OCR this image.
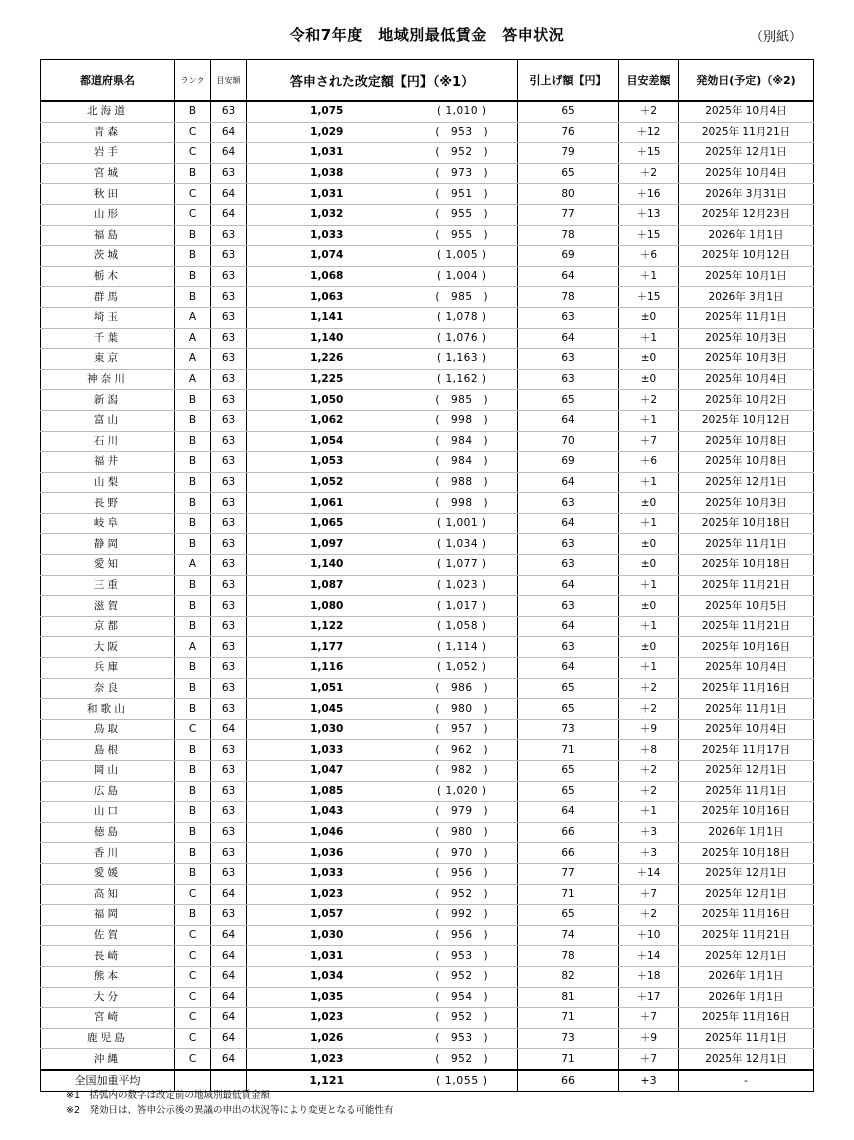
令和7年度　地域別最低賃金　答申状況	（別紙）
都道府県名	ランク	目安額	答申された改定額【円】（※1）		引上げ額【円】	目安差額	発効日(予定)（※2)
北海道	B	63	1,075	( 1,010 )	65	＋2	2025年 10月4日
青森	C	64	1,029	(　953　)	76	＋12	2025年 11月21日
岩手	C	64	1,031	(　952　)	79	＋15	2025年 12月1日
宮城	B	63	1,038	(　973　)	65	＋2	2025年 10月4日
秋田	C	64	1,031	(　951　)	80	＋16	2026年 3月31日
山形	C	64	1,032	(　955　)	77	＋13	2025年 12月23日
福島	B	63	1,033	(　955　)	78	＋15	2026年 1月1日
茨城	B	63	1,074	( 1,005 )	69	＋6	2025年 10月12日
栃木	B	63	1,068	( 1,004 )	64	＋1	2025年 10月1日
群馬	B	63	1,063	(　985　)	78	＋15	2026年 3月1日
埼玉	A	63	1,141	( 1,078 )	63	±0	2025年 11月1日
千葉	A	63	1,140	( 1,076 )	64	＋1	2025年 10月3日
東京	A	63	1,226	( 1,163 )	63	±0	2025年 10月3日
神奈川	A	63	1,225	( 1,162 )	63	±0	2025年 10月4日
新潟	B	63	1,050	(　985　)	65	＋2	2025年 10月2日
富山	B	63	1,062	(　998　)	64	＋1	2025年 10月12日
石川	B	63	1,054	(　984　)	70	＋7	2025年 10月8日
福井	B	63	1,053	(　984　)	69	＋6	2025年 10月8日
山梨	B	63	1,052	(　988　)	64	＋1	2025年 12月1日
長野	B	63	1,061	(　998　)	63	±0	2025年 10月3日
岐阜	B	63	1,065	( 1,001 )	64	＋1	2025年 10月18日
静岡	B	63	1,097	( 1,034 )	63	±0	2025年 11月1日
愛知	A	63	1,140	( 1,077 )	63	±0	2025年 10月18日
三重	B	63	1,087	( 1,023 )	64	＋1	2025年 11月21日
滋賀	B	63	1,080	( 1,017 )	63	±0	2025年 10月5日
京都	B	63	1,122	( 1,058 )	64	＋1	2025年 11月21日
大阪	A	63	1,177	( 1,114 )	63	±0	2025年 10月16日
兵庫	B	63	1,116	( 1,052 )	64	＋1	2025年 10月4日
奈良	B	63	1,051	(　986　)	65	＋2	2025年 11月16日
和歌山	B	63	1,045	(　980　)	65	＋2	2025年 11月1日
鳥取	C	64	1,030	(　957　)	73	＋9	2025年 10月4日
島根	B	63	1,033	(　962　)	71	＋8	2025年 11月17日
岡山	B	63	1,047	(　982　)	65	＋2	2025年 12月1日
広島	B	63	1,085	( 1,020 )	65	＋2	2025年 11月1日
山口	B	63	1,043	(　979　)	64	＋1	2025年 10月16日
徳島	B	63	1,046	(　980　)	66	＋3	2026年 1月1日
香川	B	63	1,036	(　970　)	66	＋3	2025年 10月18日
愛媛	B	63	1,033	(　956　)	77	＋14	2025年 12月1日
高知	C	64	1,023	(　952　)	71	＋7	2025年 12月1日
福岡	B	63	1,057	(　992　)	65	＋2	2025年 11月16日
佐賀	C	64	1,030	(　956　)	74	＋10	2025年 11月21日
長崎	C	64	1,031	(　953　)	78	＋14	2025年 12月1日
熊本	C	64	1,034	(　952　)	82	＋18	2026年 1月1日
大分	C	64	1,035	(　954　)	81	＋17	2026年 1月1日
宮崎	C	64	1,023	(　952　)	71	＋7	2025年 11月16日
鹿児島	C	64	1,026	(　953　)	73	＋9	2025年 11月1日
沖縄	C	64	1,023	(　952　)	71	＋7	2025年 12月1日
全国加重平均			1,121	( 1,055 )	66	+3	-
※1　括弧内の数字は改定前の地域別最低賃金額
※2　発効日は、答申公示後の異議の申出の状況等により変更となる可能性有
